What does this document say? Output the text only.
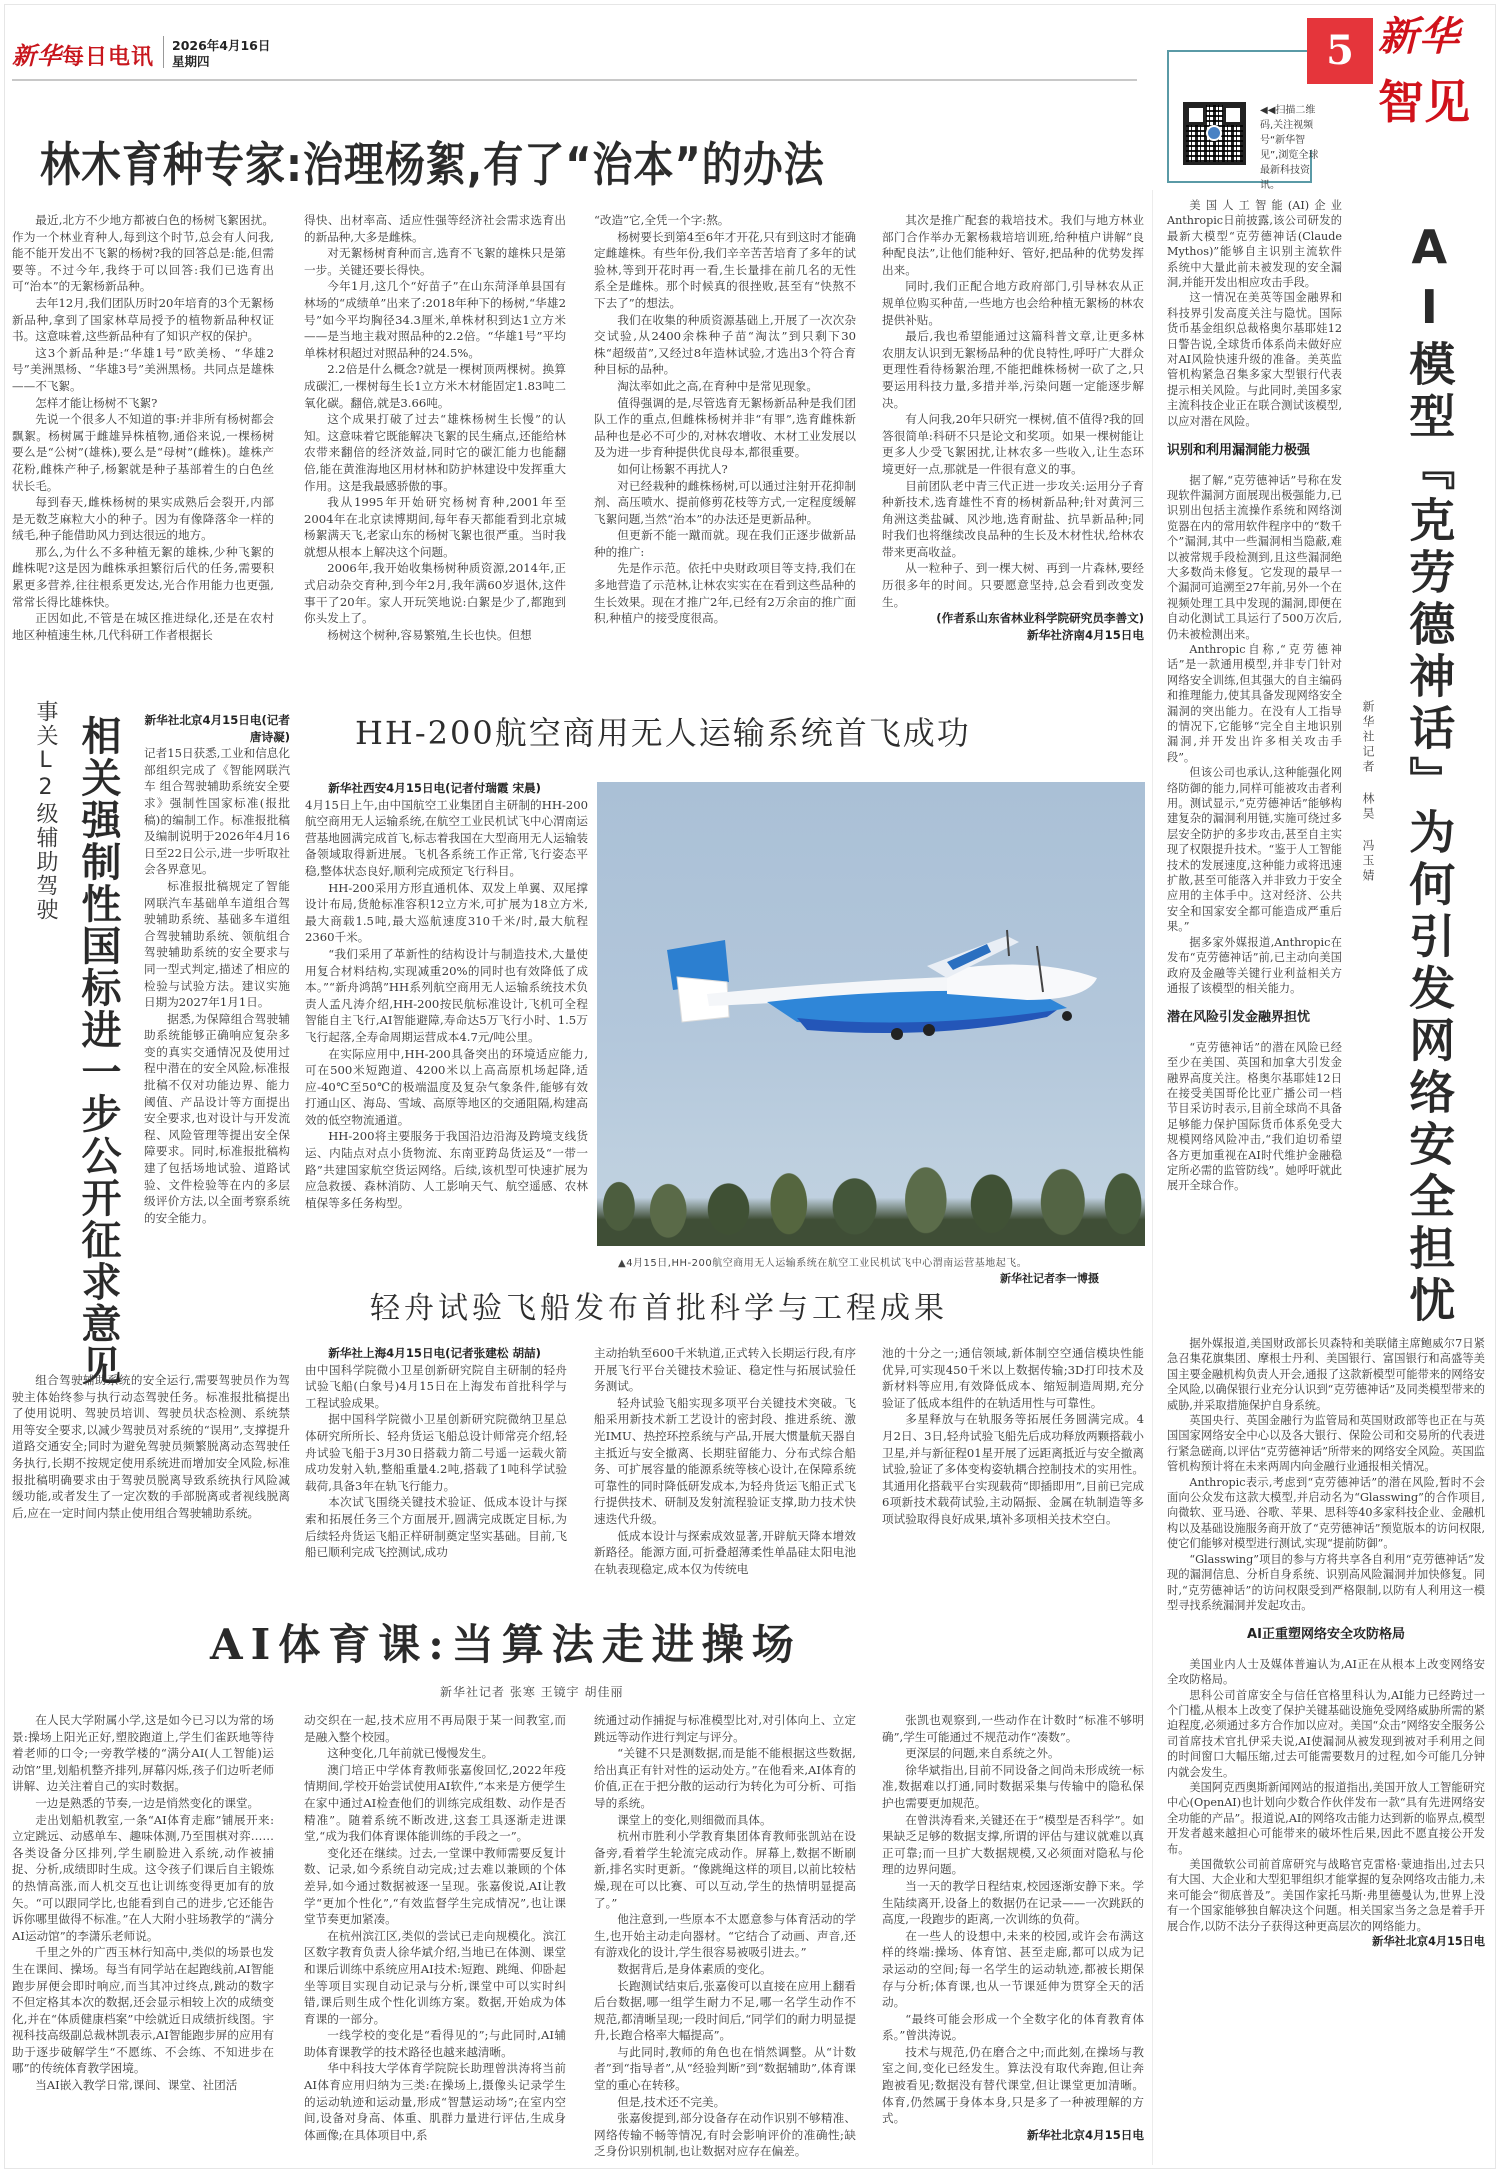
新华每日电讯 2026年4月16日
星期四
◀◀扫描二维码,关注视频号“新华智见”,浏览全球最新科技资讯。
5 新华
智见
林木育种专家:治理杨絮,有了“治本”的办法

最近,北方不少地方都被白色的杨树飞絮困扰。作为一个林业育种人,每到这个时节,总会有人问我,能不能开发出不飞絮的杨树?我的回答总是:能,但需要等。不过今年,我终于可以回答:我们已选育出可“治本”的无絮杨新品种。

去年12月,我们团队历时20年培育的3个无絮杨新品种,拿到了国家林草局授予的植物新品种权证书。这意味着,这些新品种有了知识产权的保护。

这3个新品种是:“华雄1号”欧美杨、“华雄2号”美洲黑杨、“华雄3号”美洲黑杨。共同点是雄株——不飞絮。

怎样才能让杨树不飞絮?

先说一个很多人不知道的事:并非所有杨树都会飘絮。杨树属于雌雄异株植物,通俗来说,一棵杨树要么是“公树”(雄株),要么是“母树”(雌株)。雄株产花粉,雌株产种子,杨絮就是种子基部着生的白色丝状长毛。

每到春天,雌株杨树的果实成熟后会裂开,内部是无数芝麻粒大小的种子。因为有像降落伞一样的绒毛,种子能借助风力到达很远的地方。

那么,为什么不多种植无絮的雄株,少种飞絮的雌株呢?这是因为雌株承担繁衍后代的任务,需要积累更多营养,往往根系更发达,光合作用能力也更强,常常长得比雄株快。

正因如此,不管是在城区推进绿化,还是在农村地区种植速生林,几代科研工作者根据长

得快、出材率高、适应性强等经济社会需求选育出的新品种,大多是雌株。

对无絮杨树育种而言,选育不飞絮的雄株只是第一步。关键还要长得快。

今年1月,这几个“好苗子”在山东菏泽单县国有林场的“成绩单”出来了:2018年种下的杨树,“华雄2号”如今平均胸径34.3厘米,单株材积到达1立方米——是当地主栽对照品种的2.2倍。“华雄1号”平均单株材积超过对照品种的24.5%。

2.2倍是什么概念?就是一棵树顶两棵树。换算成碳汇,一棵树每生长1立方米木材能固定1.83吨二氧化碳。翻倍,就是3.66吨。

这个成果打破了过去“雄株杨树生长慢”的认知。这意味着它既能解决飞絮的民生痛点,还能给林农带来翻倍的经济效益,同时它的碳汇能力也能翻倍,能在黄淮海地区用材林和防护林建设中发挥重大作用。这是我最感骄傲的事。

我从1995年开始研究杨树育种,2001年至2004年在北京读博期间,每年春天都能看到北京城杨絮满天飞,老家山东的杨树飞絮也很严重。当时我就想从根本上解决这个问题。

2006年,我开始收集杨树种质资源,2014年,正式启动杂交育种,到今年2月,我年满60岁退休,这件事干了20年。家人开玩笑地说:白絮是少了,都跑到你头发上了。

杨树这个树种,容易繁殖,生长也快。但想

“改造”它,全凭一个字:熬。

杨树要长到第4至6年才开花,只有到这时才能确定雌雄株。有些年份,我们辛辛苦苦培育了多年的试验林,等到开花时再一看,生长量排在前几名的无性系全是雌株。那个时候真的很挫败,甚至有“快熬不下去了”的想法。

我们在收集的种质资源基础上,开展了一次次杂交试验,从2400余株种子苗“淘汰”到只剩下30株“超级苗”,又经过8年造林试验,才选出3个符合育种目标的品种。

淘汰率如此之高,在育种中是常见现象。

值得强调的是,尽管选育无絮杨新品种是我们团队工作的重点,但雌株杨树并非“有罪”,选育雌株新品种也是必不可少的,对林农增收、木材工业发展以及为进一步育种提供优良母本,都很重要。

如何让杨絮不再扰人?

对已经栽种的雌株杨树,可以通过注射开花抑制剂、高压喷水、提前修剪花枝等方式,一定程度缓解飞絮问题,当然“治本”的办法还是更新品种。

但更新不能一蹴而就。现在我们正逐步做新品种的推广:

先是作示范。依托中央财政项目等支持,我们在多地营造了示范林,让林农实实在在看到这些品种的生长效果。现在才推广2年,已经有2万余亩的推广面积,种植户的接受度很高。

其次是推广配套的栽培技术。我们与地方林业部门合作举办无絮杨栽培培训班,给种植户讲解“良种配良法”,让他们能种好、管好,把品种的优势发挥出来。

同时,我们正配合地方政府部门,引导林农从正规单位购买种苗,一些地方也会给种植无絮杨的林农提供补贴。

最后,我也希望能通过这篇科普文章,让更多林农朋友认识到无絮杨品种的优良特性,呼吁广大群众更理性看待杨絮治理,不能把雌株杨树一砍了之,只要运用科技力量,多措并举,污染问题一定能逐步解决。

有人问我,20年只研究一棵树,值不值得?我的回答很简单:科研不只是论文和奖项。如果一棵树能让更多人少受飞絮困扰,让林农多一些收入,让生态环境更好一点,那就是一件很有意义的事。

目前团队老中青三代正进一步攻关:运用分子育种新技术,选育雄性不育的杨树新品种;针对黄河三角洲这类盐碱、风沙地,选育耐盐、抗旱新品种;同时我们也将继续改良品种的生长及木材性状,给林农带来更高收益。

从一粒种子、到一棵大树、再到一片森林,要经历很多年的时间。只要愿意坚持,总会看到改变发生。

(作者系山东省林业科学院研究员李善文)

新华社济南4月15日电

事关L2级辅助驾驶 相关强制性国标进一步公开征求意见 新华社北京4月15日电(记者唐诗凝)

记者15日获悉,工业和信息化部组织完成了《智能网联汽车 组合驾驶辅助系统安全要求》强制性国家标准(报批稿)的编制工作。标准报批稿及编制说明于2026年4月16日至22日公示,进一步听取社会各界意见。

标准报批稿规定了智能网联汽车基础单车道组合驾驶辅助系统、基础多车道组合驾驶辅助系统、领航组合驾驶辅助系统的安全要求与同一型式判定,描述了相应的检验与试验方法。建议实施日期为2027年1月1日。

据悉,为保障组合驾驶辅助系统能够正确响应复杂多变的真实交通情况及使用过程中潜在的安全风险,标准报批稿不仅对功能边界、能力阈值、产品设计等方面提出安全要求,也对设计与开发流程、风险管理等提出安全保障要求。同时,标准报批稿构建了包括场地试验、道路试验、文件检验等在内的多层级评价方法,以全面考察系统的安全能力。

组合驾驶辅助系统的安全运行,需要驾驶员作为驾驶主体始终参与执行动态驾驶任务。标准报批稿提出了使用说明、驾驶员培训、驾驶员状态检测、系统禁用等安全要求,以减少驾驶员对系统的“误用”,支撑提升道路交通安全;同时为避免驾驶员频繁脱离动态驾驶任务执行,长期不按规定使用系统进而增加安全风险,标准报批稿明确要求由于驾驶员脱离导致系统执行风险减缓功能,或者发生了一定次数的手部脱离或者视线脱离后,应在一定时间内禁止使用组合驾驶辅助系统。

HH-200航空商用无人运输系统首飞成功

新华社西安4月15日电(记者付瑞霞 宋晨)

4月15日上午,由中国航空工业集团自主研制的HH-200航空商用无人运输系统,在航空工业民机试飞中心渭南运营基地圆满完成首飞,标志着我国在大型商用无人运输装备领域取得新进展。飞机各系统工作正常,飞行姿态平稳,整体状态良好,顺利完成预定飞行科目。

HH-200采用方形直通机体、双发上单翼、双尾撑设计布局,货舱标准容积12立方米,可扩展为18立方米,最大商载1.5吨,最大巡航速度310千米/时,最大航程2360千米。

“我们采用了革新性的结构设计与制造技术,大量使用复合材料结构,实现减重20%的同时也有效降低了成本。”“新舟鸿鹄”HH系列航空商用无人运输系统技术负责人孟凡涛介绍,HH-200按民航标准设计,飞机可全程智能自主飞行,AI智能避障,寿命达5万飞行小时、1.5万飞行起落,全寿命周期运营成本4.7元/吨公里。

在实际应用中,HH-200具备突出的环境适应能力,可在500米短跑道、4200米以上高高原机场起降,适应-40℃至50℃的极端温度及复杂气象条件,能够有效打通山区、海岛、雪域、高原等地区的交通阻隔,构建高效的低空物流通道。

HH-200将主要服务于我国沿边沿海及跨境支线货运、内陆点对点小货物流、东南亚跨岛货运及“一带一路”共建国家航空货运网络。后续,该机型可快速扩展为应急救援、森林消防、人工影响天气、航空遥感、农林植保等多任务构型。

▲4月15日,HH-200航空商用无人运输系统在航空工业民机试飞中心渭南运营基地起飞。
新华社记者李一博摄
轻舟试验飞船发布首批科学与工程成果

新华社上海4月15日电(记者张建松 胡喆)

由中国科学院微小卫星创新研究院自主研制的轻舟试验飞船(白象号)4月15日在上海发布首批科学与工程试验成果。

据中国科学院微小卫星创新研究院微纳卫星总体研究所所长、轻舟货运飞船总设计师常亮介绍,轻舟试验飞船于3月30日搭载力箭二号遥一运载火箭成功发射入轨,整船重量4.2吨,搭载了1吨科学试验载荷,具备3年在轨飞行能力。

本次试飞围绕关键技术验证、低成本设计与探索和拓展任务三个方面展开,圆满完成既定目标,为后续轻舟货运飞船正样研制奠定坚实基础。目前,飞船已顺利完成飞控测试,成功

主动抬轨至600千米轨道,正式转入长期运行段,有序开展飞行平台关键技术验证、稳定性与拓展试验任务测试。

轻舟试验飞船实现多项平台关键技术突破。飞船采用新技术新工艺设计的密封段、推进系统、激光IMU、热控环控系统与产品,开展大惯量航天器自主抵近与安全撤离、长期驻留能力、分布式综合船务、可扩展容量的能源系统等核心设计,在保障系统可靠性的同时降低研发成本,为轻舟货运飞船正式飞行提供技术、研制及发射流程验证支撑,助力技术快速迭代升级。

低成本设计与探索成效显著,开辟航天降本增效新路径。能源方面,可折叠超薄柔性单晶硅太阳电池在轨表现稳定,成本仅为传统电

池的十分之一;通信领域,新体制空空通信模块性能优异,可实现450千米以上数据传输;3D打印技术及新材料等应用,有效降低成本、缩短制造周期,充分验证了低成本组件的在轨适用性与可靠性。

多星释放与在轨服务等拓展任务圆满完成。4月2日、3日,轻舟试验飞船先后成功释放两颗搭载小卫星,并与新征程01星开展了远距离抵近与安全撤离试验,验证了多体变构姿轨耦合控制技术的实用性。其通用化搭载平台实现载荷“即插即用”,目前已完成6项新技术载荷试验,主动隔振、金属在轨制造等多项试验取得良好成果,填补多项相关技术空白。

AI体育课:当算法走进操场
新华社记者 张寒 王镜宇 胡佳丽

在人民大学附属小学,这是如今已习以为常的场景:操场上阳光正好,塑胶跑道上,学生们雀跃地等待着老师的口令;一旁教学楼的“满分AI(人工智能)运动馆”里,划船机整齐排列,屏幕闪烁,孩子们边听老师讲解、边关注着自己的实时数据。

一边是熟悉的节奏,一边是悄然变化的课堂。

走出划船机教室,一条“AI体育走廊”铺展开来:立定跳远、动感单车、趣味体测,乃至围棋对弈……各类设备分区排列,学生刷脸进入系统,动作被捕捉、分析,成绩即时生成。这令孩子们课后自主锻炼的热情高涨,而人机交互也让训练变得更加有的放矢。“可以跟同学比,也能看到自己的进步,它还能告诉你哪里做得不标准。”在人大附小驻场教学的“满分AI运动馆”的李潇乐老师说。

千里之外的广西玉林行知高中,类似的场景也发生在课间、操场。每当有同学站在起跑线前,AI智能跑步屏便会即时响应,而当其冲过终点,跳动的数字不但定格其本次的数据,还会显示相较上次的成绩变化,并在“体质健康档案”中绘就近日成绩折线图。宇视科技高级副总裁林凯表示,AI智能跑步屏的应用有助于逐步破解学生“不愿练、不会练、不知进步在哪”的传统体育教学困境。

当AI嵌入教学日常,课间、课堂、社团活

动交织在一起,技术应用不再局限于某一间教室,而是融入整个校园。

这种变化,几年前就已慢慢发生。

澳门培正中学体育教师张嘉俊回忆,2022年疫情期间,学校开始尝试使用AI软件,“本来是方便学生在家中通过AI检查他们的训练完成组数、动作是否精准”。随着系统不断改进,这套工具逐渐走进课堂,“成为我们体育课体能训练的手段之一”。

变化还在继续。过去,一堂课中教师需要反复计数、记录,如今系统自动完成;过去难以兼顾的个体差异,如今通过数据被逐一呈现。张嘉俊说,AI让教学“更加个性化”,“有效监督学生完成情况”,也让课堂节奏更加紧凑。

在杭州滨江区,类似的尝试已走向规模化。滨江区数字教育负责人徐华斌介绍,当地已在体测、课堂和课后训练中系统应用AI技术:短跑、跳绳、仰卧起坐等项目实现自动记录与分析,课堂中可以实时纠错,课后则生成个性化训练方案。数据,开始成为体育课的一部分。

一线学校的变化是“看得见的”;与此同时,AI辅助体育课教学的技术路径也越来越清晰。

华中科技大学体育学院院长助理曾洪涛将当前AI体育应用归纳为三类:在操场上,摄像头记录学生的运动轨迹和运动量,形成“智慧运动场”;在室内空间,设备对身高、体重、肌群力量进行评估,生成身体画像;在具体项目中,系

统通过动作捕捉与标准模型比对,对引体向上、立定跳远等动作进行判定与评分。

“关键不只是测数据,而是能不能根据这些数据,给出真正有针对性的运动处方。”在他看来,AI体育的价值,正在于把分散的运动行为转化为可分析、可指导的系统。

课堂上的变化,则细微而具体。

杭州市胜利小学教育集团体育教师张凯站在设备旁,看着学生轮流完成动作。屏幕上,数据不断刷新,排名实时更新。“像跳绳这样的项目,以前比较枯燥,现在可以比赛、可以互动,学生的热情明显提高了。”

他注意到,一些原本不太愿意参与体育活动的学生,也开始主动走向器材。“它结合了动画、声音,还有游戏化的设计,学生很容易被吸引进去。”

数据背后,是身体素质的变化。

长跑测试结束后,张嘉俊可以直接在应用上翻看后台数据,哪一组学生耐力不足,哪一名学生动作不规范,都清晰呈现;一段时间后,“同学们的耐力明显提升,长跑合格率大幅提高”。

与此同时,教师的角色也在悄然调整。从“计数者”到“指导者”,从“经验判断”到“数据辅助”,体育课堂的重心在转移。

但是,技术还不完美。

张嘉俊提到,部分设备存在动作识别不够精准、网络传输不畅等情况,有时会影响评价的准确性;缺乏身份识别机制,也让数据对应存在偏差。

张凯也观察到,一些动作在计数时“标准不够明确”,学生可能通过不规范动作“凑数”。

更深层的问题,来自系统之外。

徐华斌指出,目前不同设备之间尚未形成统一标准,数据难以打通,同时数据采集与传输中的隐私保护也需要更加规范。

在曾洪涛看来,关键还在于“模型是否科学”。如果缺乏足够的数据支撑,所谓的评估与建议就难以真正可靠;而一旦扩大数据规模,又必须面对隐私与伦理的边界问题。

当一天的教学日程结束,校园逐渐安静下来。学生陆续离开,设备上的数据仍在记录——一次跳跃的高度,一段跑步的距离,一次训练的负荷。

在一些人的设想中,未来的校园,或许会布满这样的终端:操场、体育馆、甚至走廊,都可以成为记录运动的空间;每一名学生的运动轨迹,都被长期保存与分析;体育课,也从一节课延伸为贯穿全天的活动。

“最终可能会形成一个全数字化的体育教育体系。”曾洪涛说。

技术与规范,仍在磨合之中;而此刻,在操场与教室之间,变化已经发生。算法没有取代奔跑,但让奔跑被看见;数据没有替代课堂,但让课堂更加清晰。体育,仍然属于身体本身,只是多了一种被理解的方式。

新华社北京4月15日电

AI模型『克劳德神话』为何引发网络安全担忧
新华社记者 林昊 冯玉婧

美国人工智能(AI)企业Anthropic日前披露,该公司研发的最新大模型“克劳德神话(Claude Mythos)”能够自主识别主流软件系统中大量此前未被发现的安全漏洞,并能开发出相应攻击手段。

这一情况在美英等国金融界和科技界引发高度关注与隐忧。国际货币基金组织总裁格奥尔基耶娃12日警告说,全球货币体系尚未做好应对AI风险快速升级的准备。美英监管机构紧急召集多家大型银行代表提示相关风险。与此同时,美国多家主流科技企业正在联合测试该模型,以应对潜在风险。

识别和利用漏洞能力极强

据了解,“克劳德神话”号称在发现软件漏洞方面展现出极强能力,已识别出包括主流操作系统和网络浏览器在内的常用软件程序中的“数千个”漏洞,其中一些漏洞相当隐蔽,难以被常规手段检测到,且这些漏洞绝大多数尚未修复。它发现的最早一个漏洞可追溯至27年前,另外一个在视频处理工具中发现的漏洞,即便在自动化测试工具运行了500万次后,仍未被检测出来。

Anthropic自称,“克劳德神话”是一款通用模型,并非专门针对网络安全训练,但其强大的自主编码和推理能力,使其具备发现网络安全漏洞的突出能力。在没有人工指导的情况下,它能够“完全自主地识别漏洞,并开发出许多相关攻击手段”。

但该公司也承认,这种能强化网络防御的能力,同样可能被攻击者利用。测试显示,“克劳德神话”能够构建复杂的漏洞利用链,实施可绕过多层安全防护的多步攻击,甚至自主实现了权限提升技术。“鉴于人工智能技术的发展速度,这种能力或将迅速扩散,甚至可能落入并非致力于安全应用的主体手中。这对经济、公共安全和国家安全都可能造成严重后果。”

据多家外媒报道,Anthropic在发布“克劳德神话”前,已主动向美国政府及金融等关键行业利益相关方通报了该模型的相关能力。

潜在风险引发金融界担忧

“克劳德神话”的潜在风险已经至少在美国、英国和加拿大引发金融界高度关注。格奥尔基耶娃12日在接受美国哥伦比亚广播公司一档节目采访时表示,目前全球尚不具备足够能力保护国际货币体系免受大规模网络风险冲击,“我们迫切希望各方更加重视在AI时代维护金融稳定所必需的监管防线”。她呼吁就此展开全球合作。

据外媒报道,美国财政部长贝森特和美联储主席鲍威尔7日紧急召集花旗集团、摩根士丹利、美国银行、富国银行和高盛等美国主要金融机构负责人开会,通报了这款新模型可能带来的网络安全风险,以确保银行业充分认识到“克劳德神话”及同类模型带来的威胁,并采取措施保护自身系统。

英国央行、英国金融行为监管局和英国财政部等也正在与英国国家网络安全中心以及各大银行、保险公司和交易所的代表进行紧急磋商,以评估“克劳德神话”所带来的网络安全风险。英国监管机构预计将在未来两周内向金融行业通报相关情况。

Anthropic表示,考虑到“克劳德神话”的潜在风险,暂时不会面向公众发布这款大模型,并启动名为“Glasswing”的合作项目,向微软、亚马逊、谷歌、苹果、思科等40多家科技企业、金融机构以及基础设施服务商开放了“克劳德神话”预览版本的访问权限,使它们能够对模型进行测试,实现“提前防御”。

“Glasswing”项目的参与方将共享各自利用“克劳德神话”发现的漏洞信息、分析自身系统、识别高风险漏洞并加快修复。同时,“克劳德神话”的访问权限受到严格限制,以防有人利用这一模型寻找系统漏洞并发起攻击。

AI正重塑网络安全攻防格局

美国业内人士及媒体普遍认为,AI正在从根本上改变网络安全攻防格局。

思科公司首席安全与信任官格里科认为,AI能力已经跨过一个门槛,从根本上改变了保护关键基础设施免受网络威胁所需的紧迫程度,必须通过多方合作加以应对。美国“众击”网络安全服务公司首席技术官扎伊采夫说,AI使漏洞从被发现到被对手利用之间的时间窗口大幅压缩,过去可能需要数月的过程,如今可能几分钟内就会发生。

美国阿克西奥斯新闻网站的报道指出,美国开放人工智能研究中心(OpenAI)也计划向少数合作伙伴发布一款“具有先进网络安全功能的产品”。报道说,AI的网络攻击能力达到新的临界点,模型开发者越来越担心可能带来的破坏性后果,因此不愿直接公开发布。

美国微软公司前首席研究与战略官克雷格·蒙迪指出,过去只有大国、大企业和大型犯罪组织才能掌握的复杂网络攻击能力,未来可能会“彻底普及”。美国作家托马斯·弗里德曼认为,世界上没有一个国家能够独自解决这个问题。相关国家当务之急是着手开展合作,以防不法分子获得这种更高层次的网络能力。

新华社北京4月15日电
